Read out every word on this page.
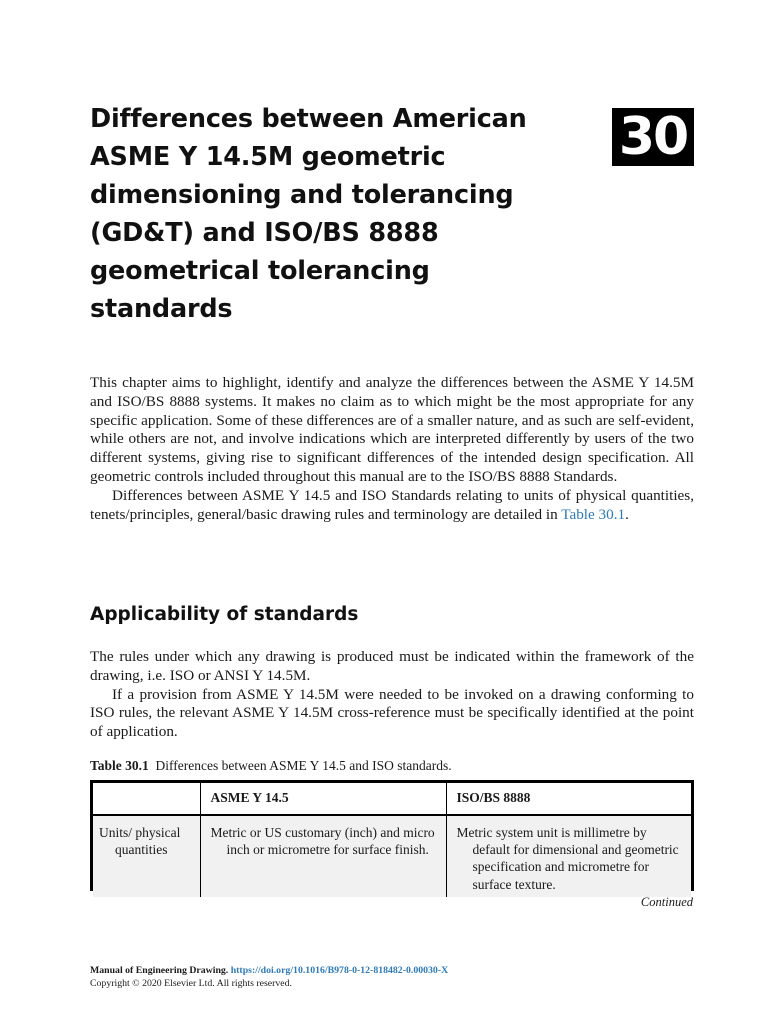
Differences between American
ASME Y 14.5M geometric
dimensioning and tolerancing
(GD&T) and ISO/BS 8888
geometrical tolerancing
standards
30

This chapter aims to highlight, identify and analyze the differences between the ASME Y 14.5M and ISO/BS 8888 systems. It makes no claim as to which might be the most appropriate for any specific application. Some of these differences are of a smaller nature, and as such are self-evident, while others are not, and involve indications which are interpreted differently by users of the two different systems, giving rise to significant differences of the intended design specification. All geometric controls included throughout this manual are to the ISO/BS 8888 Standards.

Differences between ASME Y 14.5 and ISO Standards relating to units of physical quantities, tenets/principles, general/basic drawing rules and terminology are detailed in Table 30.1.

Applicability of standards

The rules under which any drawing is produced must be indicated within the framework of the drawing, i.e. ISO or ANSI Y 14.5M.

If a provision from ASME Y 14.5M were needed to be invoked on a drawing conforming to ISO rules, the relevant ASME Y 14.5M cross-reference must be specifically identified at the point of application.

Table 30.1 Differences between ASME Y 14.5 and ISO standards.

	ASME Y 14.5	ISO/BS 8888

Units/ physical quantities	Metric or US customary (inch) and micro inch or micrometre for surface finish.	Metric system unit is millimetre by default for dimensional and geometric specification and micrometre for surface texture.
Continued
Manual of Engineering Drawing. https://doi.org/10.1016/B978-0-12-818482-0.00030-X
Copyright © 2020 Elsevier Ltd. All rights reserved.
